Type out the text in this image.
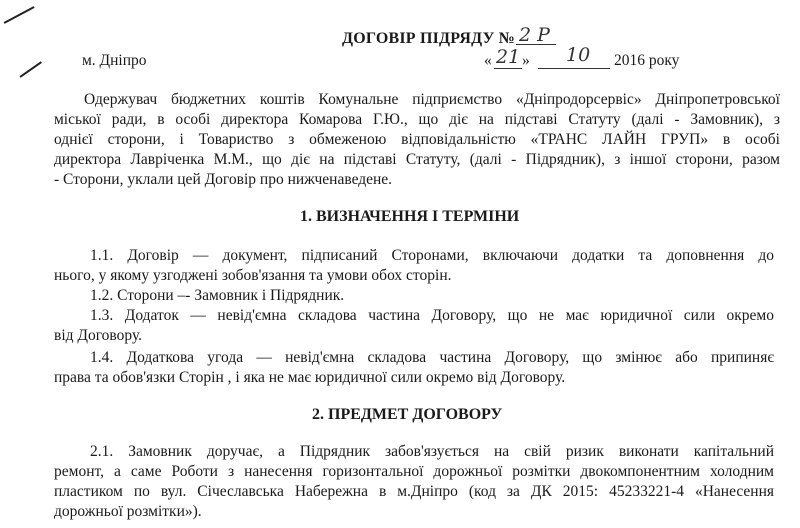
ДОГОВІР ПІДРЯДУ № 2 Р
м. Дніпро	« 21 » 10 2016 року
Одержувач бюджетних коштів Комунальне підприємство «Дніпродорсервіс» Дніпропетровської
міської ради, в особі директора Комарова Г.Ю., що діє на підставі Статуту (далі - Замовник), з
однієї сторони, і Товариство з обмеженою відповідальністю «ТРАНС ЛАЙН ГРУП» в особі
директора Лавріченка М.М., що діє на підставі Статуту, (далі - Підрядник), з іншої сторони, разом
- Сторони, уклали цей Договір про нижченаведене.
1. ВИЗНАЧЕННЯ І ТЕРМІНИ
1.1. Договір — документ, підписаний Сторонами, включаючи додатки та доповнення до
нього, у якому узгоджені зобов'язання та умови обох сторін.
1.2. Сторони –- Замовник і Підрядник.
1.3. Додаток — невід'ємна складова частина Договору, що не має юридичної сили окремо
від Договору.
1.4. Додаткова угода — невід'ємна складова частина Договору, що змінює або припиняє
права та обов'язки Сторін , і яка не має юридичної сили окремо від Договору.
2. ПРЕДМЕТ ДОГОВОРУ
2.1. Замовник доручає, а Підрядник забов'язується на свій ризик виконати капітальний
ремонт, а саме Роботи з нанесення горизонтальної дорожньої розмітки двокомпонентним холодним
пластиком по вул. Січеславська Набережна в м.Дніпро (код за ДК 2015: 45233221-4 «Нанесення
дорожньої розмітки»).
